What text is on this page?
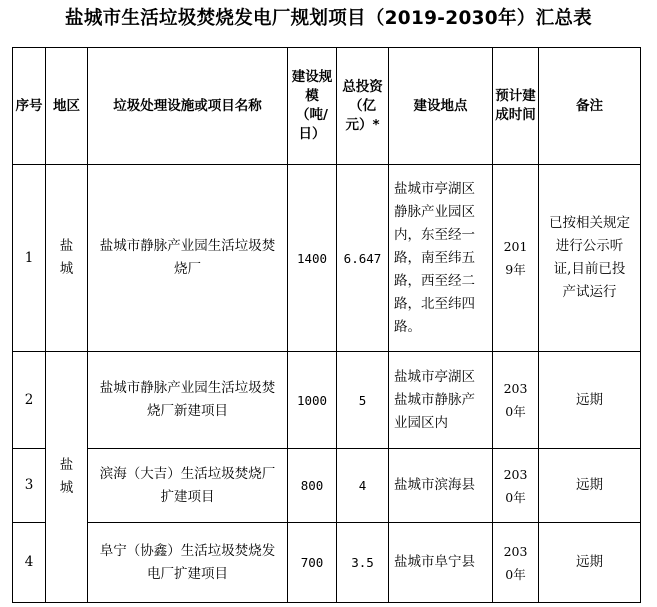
盐城市生活垃圾焚烧发电厂规划项目（2019-2030年）汇总表
序号	地区	垃圾处理设施或项目名称	建设规模（吨/日）	总投资（亿元）*	建设地点	预计建成时间	备注
1	盐城	盐城市静脉产业园生活垃圾焚烧厂	1400	6.647	盐城市亭湖区静脉产业园区内，东至经一路，南至纬五路，西至经二路，北至纬四路。	2019年	已按相关规定进行公示听证,目前已投产试运行
2	盐城	盐城市静脉产业园生活垃圾焚烧厂新建项目	1000	5	盐城市亭湖区盐城市静脉产业园区内	2030年	远期
3		滨海（大吉）生活垃圾焚烧厂扩建项目	800	4	盐城市滨海县	2030年	远期
4		阜宁（协鑫）生活垃圾焚烧发电厂扩建项目	700	3.5	盐城市阜宁县	2030年	远期
